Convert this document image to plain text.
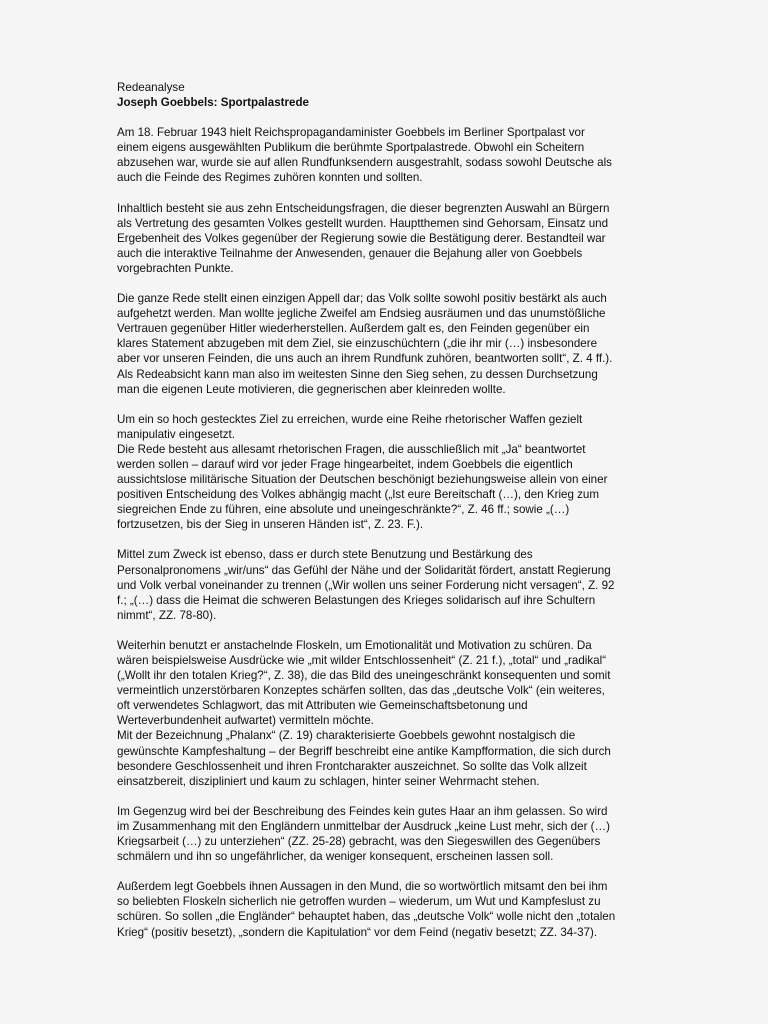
Redeanalyse

Joseph Goebbels: Sportpalastrede

Am 18. Februar 1943 hielt Reichspropagandaminister Goebbels im Berliner Sportpalast vor
einem eigens ausgewählten Publikum die berühmte Sportpalastrede. Obwohl ein Scheitern
abzusehen war, wurde sie auf allen Rundfunksendern ausgestrahlt, sodass sowohl Deutsche als
auch die Feinde des Regimes zuhören konnten und sollten.

Inhaltlich besteht sie aus zehn Entscheidungsfragen, die dieser begrenzten Auswahl an Bürgern
als Vertretung des gesamten Volkes gestellt wurden. Hauptthemen sind Gehorsam, Einsatz und
Ergebenheit des Volkes gegenüber der Regierung sowie die Bestätigung derer. Bestandteil war
auch die interaktive Teilnahme der Anwesenden, genauer die Bejahung aller von Goebbels
vorgebrachten Punkte.

Die ganze Rede stellt einen einzigen Appell dar; das Volk sollte sowohl positiv bestärkt als auch
aufgehetzt werden. Man wollte jegliche Zweifel am Endsieg ausräumen und das unumstößliche
Vertrauen gegenüber Hitler wiederherstellen. Außerdem galt es, den Feinden gegenüber ein
klares Statement abzugeben mit dem Ziel, sie einzuschüchtern („die ihr mir (…) insbesondere
aber vor unseren Feinden, die uns auch an ihrem Rundfunk zuhören, beantworten sollt“, Z. 4 ff.).
Als Redeabsicht kann man also im weitesten Sinne den Sieg sehen, zu dessen Durchsetzung
man die eigenen Leute motivieren, die gegnerischen aber kleinreden wollte.

Um ein so hoch gestecktes Ziel zu erreichen, wurde eine Reihe rhetorischer Waffen gezielt
manipulativ eingesetzt.
Die Rede besteht aus allesamt rhetorischen Fragen, die ausschließlich mit „Ja“ beantwortet
werden sollen – darauf wird vor jeder Frage hingearbeitet, indem Goebbels die eigentlich
aussichtslose militärische Situation der Deutschen beschönigt beziehungsweise allein von einer
positiven Entscheidung des Volkes abhängig macht („Ist eure Bereitschaft (…), den Krieg zum
siegreichen Ende zu führen, eine absolute und uneingeschränkte?“, Z. 46 ff.; sowie „(…)
fortzusetzen, bis der Sieg in unseren Händen ist“, Z. 23. F.).

Mittel zum Zweck ist ebenso, dass er durch stete Benutzung und Bestärkung des
Personalpronomens „wir/uns“ das Gefühl der Nähe und der Solidarität fördert, anstatt Regierung
und Volk verbal voneinander zu trennen („Wir wollen uns seiner Forderung nicht versagen“, Z. 92
f.; „(…) dass die Heimat die schweren Belastungen des Krieges solidarisch auf ihre Schultern
nimmt“, ZZ. 78-80).

Weiterhin benutzt er anstachelnde Floskeln, um Emotionalität und Motivation zu schüren. Da
wären beispielsweise Ausdrücke wie „mit wilder Entschlossenheit“ (Z. 21 f.), „total“ und „radikal“
(„Wollt ihr den totalen Krieg?“, Z. 38), die das Bild des uneingeschränkt konsequenten und somit
vermeintlich unzerstörbaren Konzeptes schärfen sollten, das das „deutsche Volk“ (ein weiteres,
oft verwendetes Schlagwort, das mit Attributen wie Gemeinschaftsbetonung und
Werteverbundenheit aufwartet) vermitteln möchte.
Mit der Bezeichnung „Phalanx“ (Z. 19) charakterisierte Goebbels gewohnt nostalgisch die
gewünschte Kampfeshaltung – der Begriff beschreibt eine antike Kampfformation, die sich durch
besondere Geschlossenheit und ihren Frontcharakter auszeichnet. So sollte das Volk allzeit
einsatzbereit, diszipliniert und kaum zu schlagen, hinter seiner Wehrmacht stehen.

Im Gegenzug wird bei der Beschreibung des Feindes kein gutes Haar an ihm gelassen. So wird
im Zusammenhang mit den Engländern unmittelbar der Ausdruck „keine Lust mehr, sich der (…)
Kriegsarbeit (…) zu unterziehen“ (ZZ. 25-28) gebracht, was den Siegeswillen des Gegenübers
schmälern und ihn so ungefährlicher, da weniger konsequent, erscheinen lassen soll.

Außerdem legt Goebbels ihnen Aussagen in den Mund, die so wortwörtlich mitsamt den bei ihm
so beliebten Floskeln sicherlich nie getroffen wurden – wiederum, um Wut und Kampfeslust zu
schüren. So sollen „die Engländer“ behauptet haben, das „deutsche Volk“ wolle nicht den „totalen
Krieg“ (positiv besetzt), „sondern die Kapitulation“ vor dem Feind (negativ besetzt; ZZ. 34-37).
